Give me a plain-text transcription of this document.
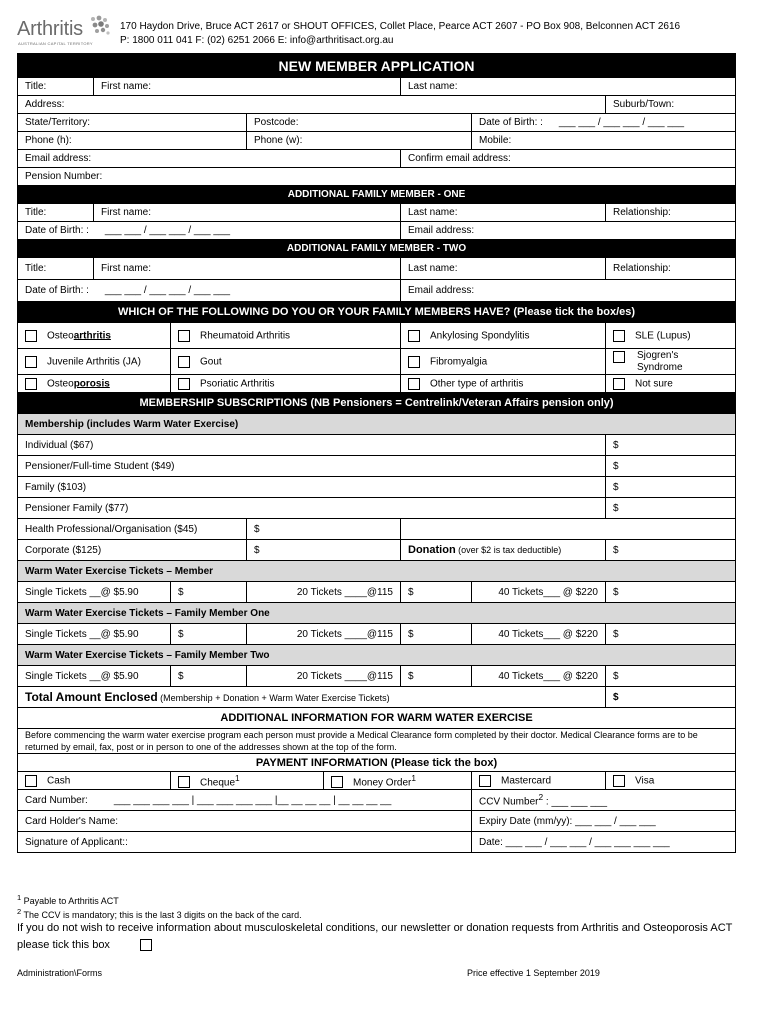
Arthritis
AUSTRALIAN CAPITAL TERRITORY
170 Haydon Drive, Bruce ACT 2617 or SHOUT OFFICES, Collet Place, Pearce ACT 2607 - PO Box 908, Belconnen ACT 2616
P: 1800 011 041 F: (02) 6251 2066 E: info@arthritisact.org.au
NEW MEMBER APPLICATION							
Title:	First name:				Last name:		
Address:							Suburb/Town:
State/Territory:			Postcode:			Date of Birth: : ___ ___ / ___ ___ / ___ ___	
Phone (h):			Phone (w):			Mobile:	
Email address:					Confirm email address:		
Pension Number:							
ADDITIONAL FAMILY MEMBER - ONE							
Title:	First name:				Last name:		Relationship:
Date of Birth: : ___ ___ / ___ ___ / ___ ___					Email address:		
ADDITIONAL FAMILY MEMBER - TWO							
Title:	First name:				Last name:		Relationship:
Date of Birth: : ___ ___ / ___ ___ / ___ ___					Email address:		
WHICH OF THE FOLLOWING DO YOU OR YOUR FAMILY MEMBERS HAVE? (Please tick the box/es)							
Osteoarthritis		Rheumatoid Arthritis			Ankylosing Spondylitis		SLE (Lupus)
Juvenile Arthritis (JA)		Gout			Fibromyalgia		Sjogren's Syndrome

Osteoporosis		Psoriatic Arthritis			Other type of arthritis		Not sure
MEMBERSHIP SUBSCRIPTIONS (NB Pensioners = Centrelink/Veteran Affairs pension only)							
Membership (includes Warm Water Exercise)							
Individual ($67)							$
Pensioner/Full-time Student ($49)							$
Family ($103)							$
Pensioner Family ($77)							$
Health Professional/Organisation ($45)			$				
Corporate ($125)			$		Donation (over $2 is tax deductible)		$
Warm Water Exercise Tickets – Member							
Single Tickets __@ $5.90		$	20 Tickets ____@115		$	40 Tickets___ @ $220	$
Warm Water Exercise Tickets – Family Member One							
Single Tickets __@ $5.90		$	20 Tickets ____@115		$	40 Tickets___ @ $220	$
Warm Water Exercise Tickets – Family Member Two							
Single Tickets __@ $5.90		$	20 Tickets ____@115		$	40 Tickets___ @ $220	$
Total Amount Enclosed (Membership + Donation + Warm Water Exercise Tickets)							$
ADDITIONAL INFORMATION FOR WARM WATER EXERCISE							
Before commencing the warm water exercise program each person must provide a Medical Clearance form completed by their doctor. Medical Clearance forms are to be returned by email, fax, post or in person to one of the addresses shown at the top of the form.							
PAYMENT INFORMATION (Please tick the box)							
Cash		Cheque$^1$		Money Order$^1$		Mastercard	Visa
Card Number: ___ ___ ___ ___ | ___ ___ ___ ___ |__ __ __ __ | __ __ __ __						CCV Number$^2$ : ___ ___ ___	
Card Holder's Name:						Expiry Date (mm/yy): ___ ___ / ___ ___	
Signature of Applicant::						Date: ___ ___ / ___ ___ / ___ ___ ___ ___	
$^1$ Payable to Arthritis ACT
$^2$ The CCV is mandatory; this is the last 3 digits on the back of the card.
If you do not wish to receive information about musculoskeletal conditions, our newsletter or donation requests from Arthritis and Osteoporosis ACT please tick this box
Administration\Forms	Price effective 1 September 2019
